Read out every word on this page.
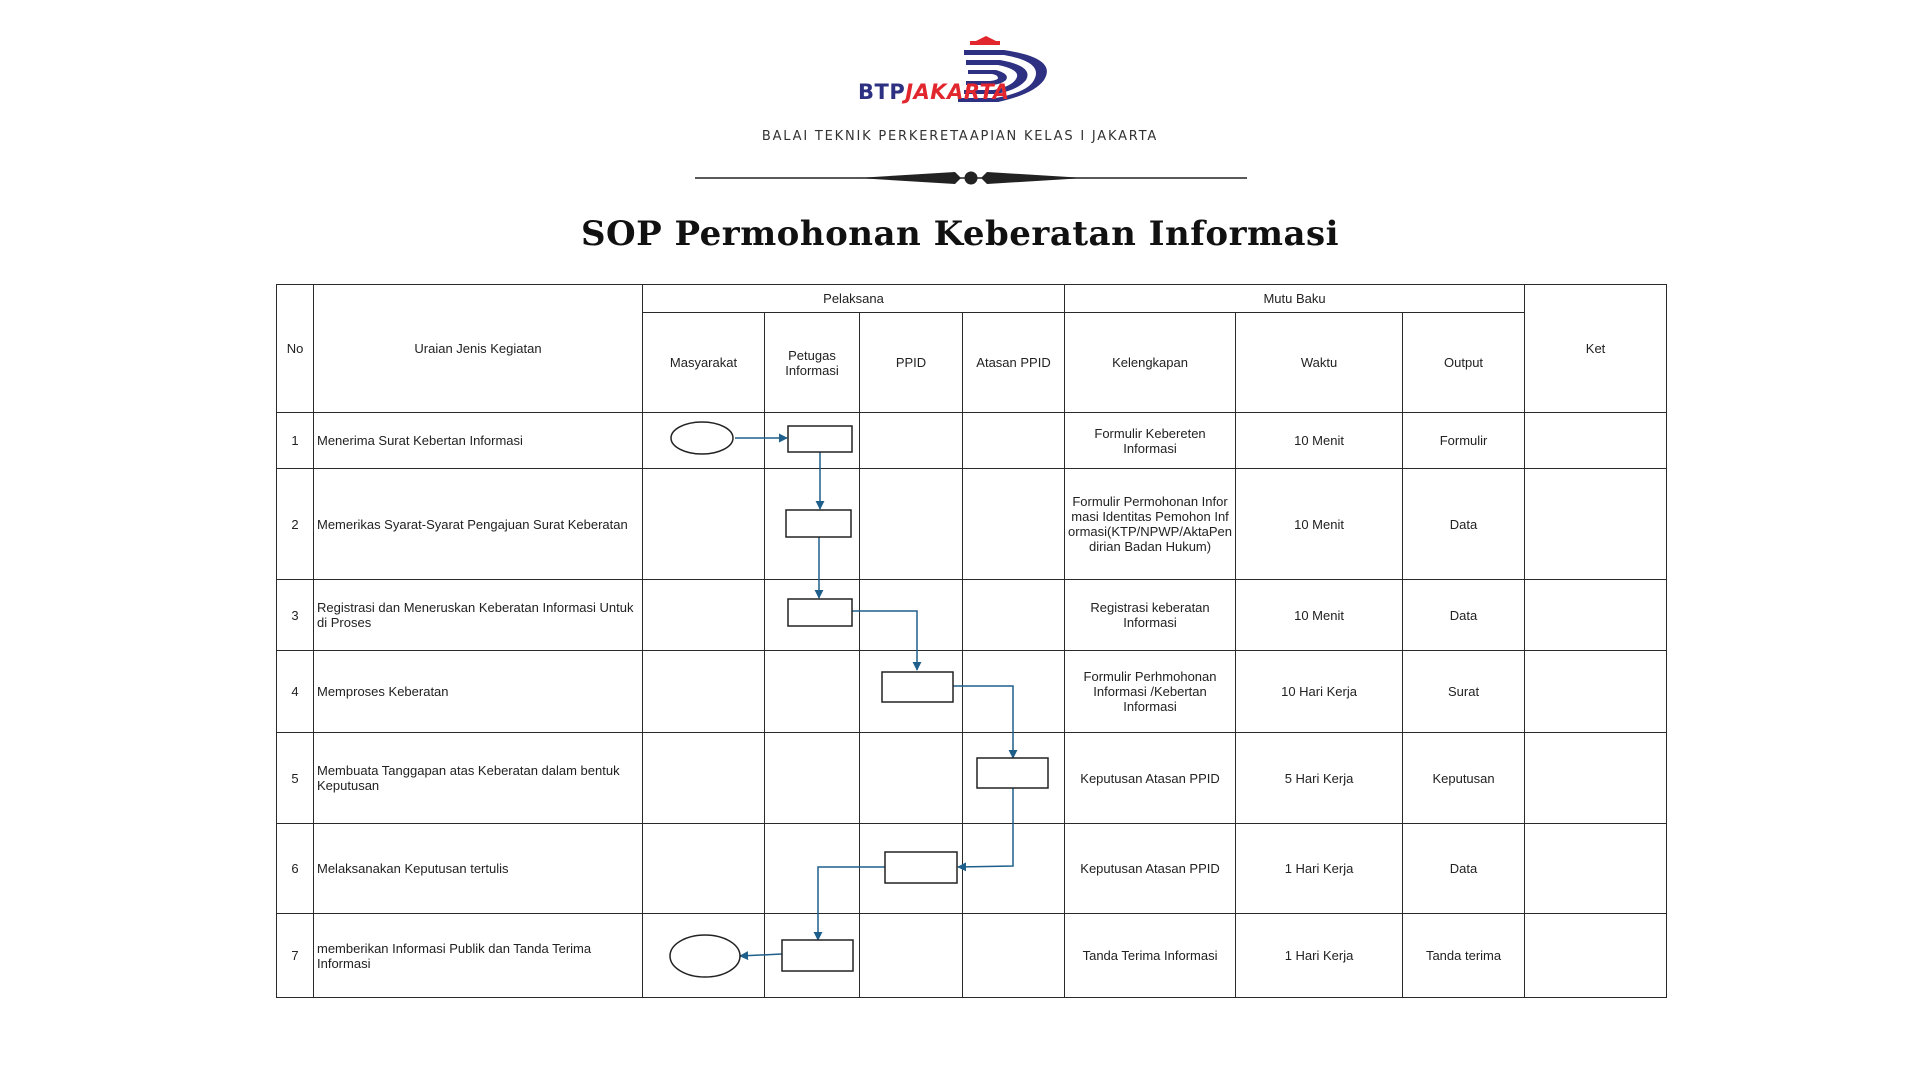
BTPJAKARTA
BALAI TEKNIK PERKERETAAPIAN KELAS I JAKARTA
SOP Permohonan Keberatan Informasi
No	Uraian Jenis Kegiatan	Pelaksana				Mutu Baku			Ket
		Masyarakat	Petugas Informasi	PPID	Atasan PPID	Kelengkapan	Waktu	Output	
1	Menerima Surat Kebertan Informasi					Formulir Kebereten Informasi	10 Menit	Formulir	
2	Memerikas Syarat-Syarat Pengajuan Surat Keberatan					Formulir Permohonan Informasi Identitas Pemohon Informasi(KTP/NPWP/AktaPendirian Badan Hukum)	10 Menit	Data	
3	Registrasi dan Meneruskan Keberatan Informasi Untuk di Proses					Registrasi keberatan Informasi	10 Menit	Data	
4	Memproses Keberatan					Formulir Perhmohonan Informasi /Kebertan Informasi	10 Hari Kerja	Surat	
5	Membuata Tanggapan atas Keberatan dalam bentuk Keputusan					Keputusan Atasan PPID	5 Hari Kerja	Keputusan	
6	Melaksanakan Keputusan tertulis					Keputusan Atasan PPID	1 Hari Kerja	Data	
7	memberikan Informasi Publik dan Tanda Terima Informasi					Tanda Terima Informasi	1 Hari Kerja	Tanda terima	
